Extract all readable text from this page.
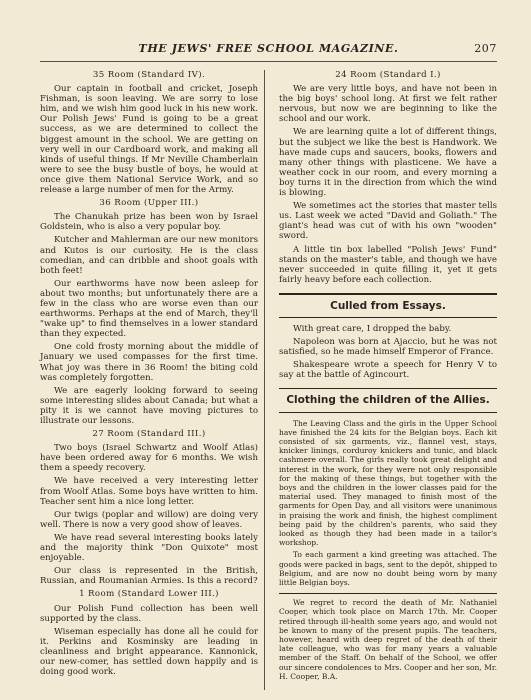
THE JEWS' FREE SCHOOL MAGAZINE.	207
35 Room (Standard IV).

Our captain in football and cricket, Joseph Fishman, is soon leaving. We are sorry to lose him, and we wish him good luck in his new work. Our Polish Jews' Fund is going to be a great success, as we are determined to collect the biggest amount in the school. We are getting on very well in our Cardboard work, and making all kinds of useful things. If Mr Neville Chamberlain were to see the busy bustle of boys, he would at once give them National Service Work, and so release a large number of men for the Army.

36 Room (Upper III.)

The Chanukah prize has been won by Israel Goldstein, who is also a very popular boy.

Kutcher and Mahlerman are our new monitors and Kutos is our curiosity. He is the class comedian, and can dribble and shoot goals with both feet!

Our earthworms have now been asleep for about two months; but unfortunately there are a few in the class who are worse even than our earthworms. Perhaps at the end of March, they'll "wake up" to find themselves in a lower standard than they expected.

One cold frosty morning about the middle of January we used compasses for the first time. What joy was there in 36 Room! the biting cold was completely forgotten.

We are eagerly looking forward to seeing some interesting slides about Canada; but what a pity it is we cannot have moving pictures to illustrate our lessons.

27 Room (Standard III.)

Two boys (Israel Schwartz and Woolf Atlas) have been ordered away for 6 months. We wish them a speedy recovery.

We have received a very interesting letter from Woolf Atlas. Some boys have written to him. Teacher sent him a nice long letter.

Our twigs (poplar and willow) are doing very well. There is now a very good show of leaves.

We have read several interesting books lately and the majority think "Don Quixote" most enjoyable.

Our class is represented in the British, Russian, and Roumanian Armies. Is this a record?

1 Room (Standard Lower III.)

Our Polish Fund collection has been well supported by the class.

Wiseman especially has done all he could for it. Perkins and Kosminsky are leading in cleanliness and bright appearance. Kannonick, our new-comer, has settled down happily and is doing good work.

24 Room (Standard I.)

We are very little boys, and have not been in the big boys' school long. At first we felt rather nervous, but now we are beginning to like the school and our work.

We are learning quite a lot of different things, but the subject we like the best is Handwork. We have made cups and saucers, books, flowers and many other things with plasticene. We have a weather cock in our room, and every morning a boy turns it in the direction from which the wind is blowing.

We sometimes act the stories that master tells us. Last week we acted "David and Goliath." The giant's head was cut of with his own "wooden" sword.

A little tin box labelled "Polish Jews' Fund" stands on the master's table, and though we have never succeeded in quite filling it, yet it gets fairly heavy before each collection.

Culled from Essays.

With great care, I dropped the baby.

Napoleon was born at Ajaccio, but he was not satisfied, so he made himself Emperor of France.

Shakespeare wrote a speech for Henry V to say at the battle of Agincourt.

Clothing the children of the Allies.

The Leaving Class and the girls in the Upper School have finished the 24 kits for the Belgian boys. Each kit consisted of six garments, viz., flannel vest, stays, knicker linings, corduroy knickers and tunic, and black cashmere overall. The girls really took great delight and interest in the work, for they were not only responsible for the making of these things, but together with the boys and the children in the lower classes paid for the material used. They managed to finish most of the garments for Open Day, and all visitors were unanimous in praising the work and finish, the highest compliment being paid by the children's parents, who said they looked as though they had been made in a tailor's workshop.

To each garment a kind greeting was attached. The goods were packed in bags, sent to the depôt, shipped to Belgium, and are now no doubt being worn by many little Belgian boys.

We regret to record the death of Mr. Nathaniel Cooper, which took place on March 17th. Mr. Cooper retired through ill-health some years ago, and would not be known to many of the present pupils. The teachers, however, heard with deep regret of the death of their late colleague, who was for many years a valuable member of the Staff. On behalf of the School, we offer our sincere condolences to Mrs. Cooper and her son, Mr. H. Cooper, B.A.
